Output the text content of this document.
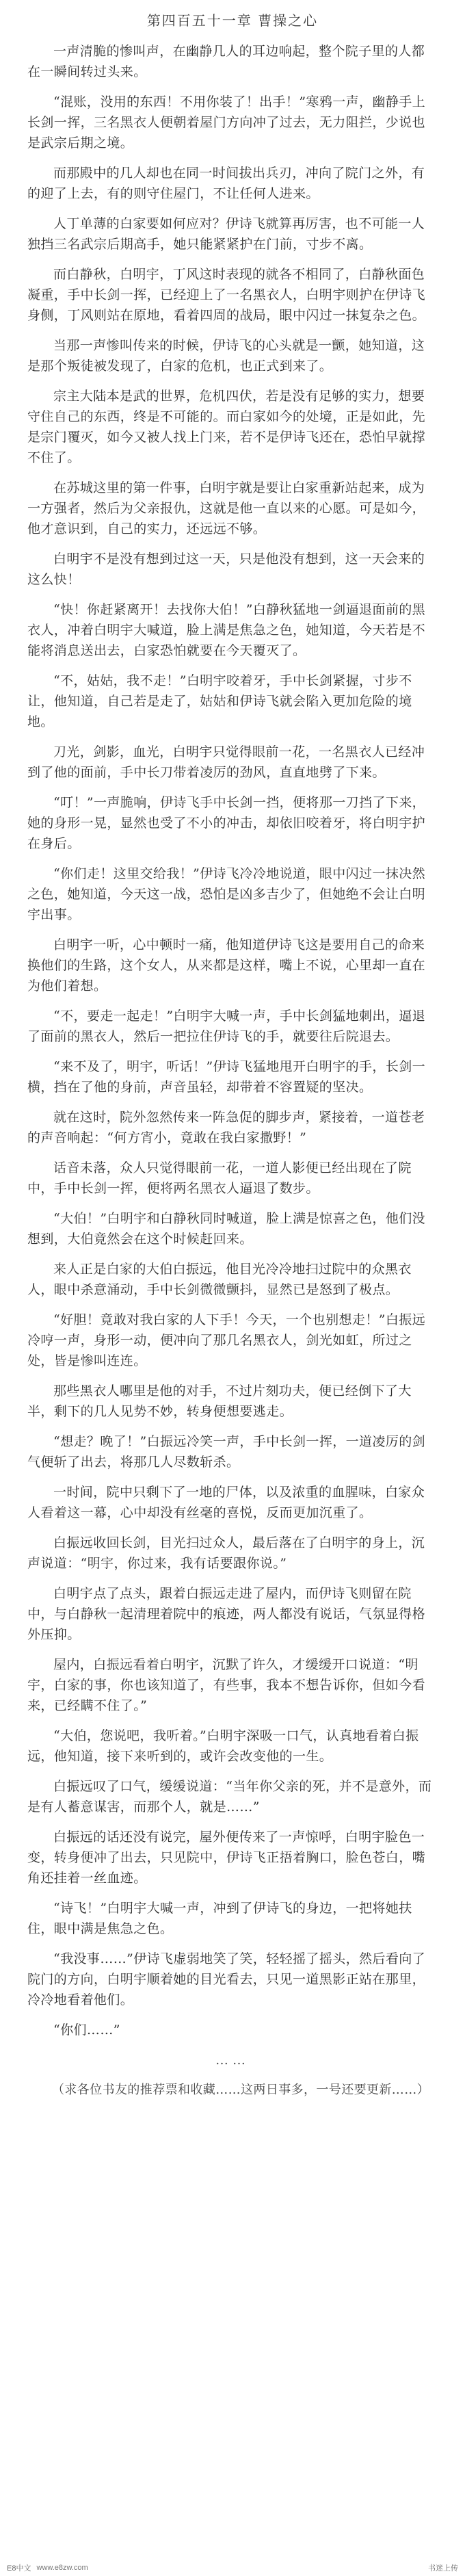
第四百五十一章 曹操之心

一声清脆的惨叫声，在幽静几人的耳边响起，整个院子里的人都在一瞬间转过头来。

“混账，没用的东西！不用你装了！出手！”寒鸦一声，幽静手上长剑一挥，三名黑衣人便朝着屋门方向冲了过去，无力阻拦，少说也是武宗后期之境。

而那殿中的几人却也在同一时间拔出兵刃，冲向了院门之外，有的迎了上去，有的则守住屋门，不让任何人进来。

人丁单薄的白家要如何应对？伊诗飞就算再厉害，也不可能一人独挡三名武宗后期高手，她只能紧紧护在门前，寸步不离。

而白静秋，白明宇，丁风这时表现的就各不相同了，白静秋面色凝重，手中长剑一挥，已经迎上了一名黑衣人，白明宇则护在伊诗飞身侧，丁风则站在原地，看着四周的战局，眼中闪过一抹复杂之色。

当那一声惨叫传来的时候，伊诗飞的心头就是一颤，她知道，这是那个叛徒被发现了，白家的危机，也正式到来了。

宗主大陆本是武的世界，危机四伏，若是没有足够的实力，想要守住自己的东西，终是不可能的。而白家如今的处境，正是如此，先是宗门覆灭，如今又被人找上门来，若不是伊诗飞还在，恐怕早就撑不住了。

在苏城这里的第一件事，白明宇就是要让白家重新站起来，成为一方强者，然后为父亲报仇，这就是他一直以来的心愿。可是如今，他才意识到，自己的实力，还远远不够。

白明宇不是没有想到过这一天，只是他没有想到，这一天会来的这么快！

“快！你赶紧离开！去找你大伯！”白静秋猛地一剑逼退面前的黑衣人，冲着白明宇大喊道，脸上满是焦急之色，她知道，今天若是不能将消息送出去，白家恐怕就要在今天覆灭了。

“不，姑姑，我不走！”白明宇咬着牙，手中长剑紧握，寸步不让，他知道，自己若是走了，姑姑和伊诗飞就会陷入更加危险的境地。

刀光，剑影，血光，白明宇只觉得眼前一花，一名黑衣人已经冲到了他的面前，手中长刀带着凌厉的劲风，直直地劈了下来。

“叮！”一声脆响，伊诗飞手中长剑一挡，便将那一刀挡了下来，她的身形一晃，显然也受了不小的冲击，却依旧咬着牙，将白明宇护在身后。

“你们走！这里交给我！”伊诗飞冷冷地说道，眼中闪过一抹决然之色，她知道，今天这一战，恐怕是凶多吉少了，但她绝不会让白明宇出事。

白明宇一听，心中顿时一痛，他知道伊诗飞这是要用自己的命来换他们的生路，这个女人，从来都是这样，嘴上不说，心里却一直在为他们着想。

“不，要走一起走！”白明宇大喊一声，手中长剑猛地刺出，逼退了面前的黑衣人，然后一把拉住伊诗飞的手，就要往后院退去。

“来不及了，明宇，听话！”伊诗飞猛地甩开白明宇的手，长剑一横，挡在了他的身前，声音虽轻，却带着不容置疑的坚决。

就在这时，院外忽然传来一阵急促的脚步声，紧接着，一道苍老的声音响起：“何方宵小，竟敢在我白家撒野！”

话音未落，众人只觉得眼前一花，一道人影便已经出现在了院中，手中长剑一挥，便将两名黑衣人逼退了数步。

“大伯！”白明宇和白静秋同时喊道，脸上满是惊喜之色，他们没想到，大伯竟然会在这个时候赶回来。

来人正是白家的大伯白振远，他目光冷冷地扫过院中的众黑衣人，眼中杀意涌动，手中长剑微微颤抖，显然已是怒到了极点。

“好胆！竟敢对我白家的人下手！今天，一个也别想走！”白振远冷哼一声，身形一动，便冲向了那几名黑衣人，剑光如虹，所过之处，皆是惨叫连连。

那些黑衣人哪里是他的对手，不过片刻功夫，便已经倒下了大半，剩下的几人见势不妙，转身便想要逃走。

“想走？晚了！”白振远冷笑一声，手中长剑一挥，一道凌厉的剑气便斩了出去，将那几人尽数斩杀。

一时间，院中只剩下了一地的尸体，以及浓重的血腥味，白家众人看着这一幕，心中却没有丝毫的喜悦，反而更加沉重了。

白振远收回长剑，目光扫过众人，最后落在了白明宇的身上，沉声说道：“明宇，你过来，我有话要跟你说。”

白明宇点了点头，跟着白振远走进了屋内，而伊诗飞则留在院中，与白静秋一起清理着院中的痕迹，两人都没有说话，气氛显得格外压抑。

屋内，白振远看着白明宇，沉默了许久，才缓缓开口说道：“明宇，白家的事，你也该知道了，有些事，我本不想告诉你，但如今看来，已经瞒不住了。”

“大伯，您说吧，我听着。”白明宇深吸一口气，认真地看着白振远，他知道，接下来听到的，或许会改变他的一生。

白振远叹了口气，缓缓说道：“当年你父亲的死，并不是意外，而是有人蓄意谋害，而那个人，就是……”

白振远的话还没有说完，屋外便传来了一声惊呼，白明宇脸色一变，转身便冲了出去，只见院中，伊诗飞正捂着胸口，脸色苍白，嘴角还挂着一丝血迹。

“诗飞！”白明宇大喊一声，冲到了伊诗飞的身边，一把将她扶住，眼中满是焦急之色。

“我没事……”伊诗飞虚弱地笑了笑，轻轻摇了摇头，然后看向了院门的方向，白明宇顺着她的目光看去，只见一道黑影正站在那里，冷冷地看着他们。

“你们……”

……

（求各位书友的推荐票和收藏……这两日事多，一号还要更新……）

E8中文 www.e8zw.com	书迷上传
